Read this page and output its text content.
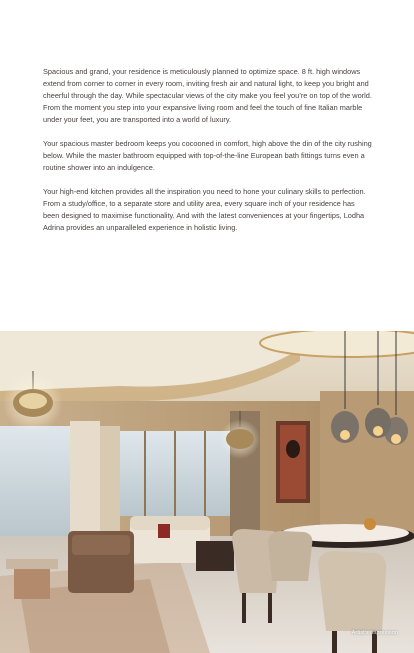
Spacious and grand, your residence is meticulously planned to optimize space. 8 ft. high windows extend from corner to corner in every room, inviting fresh air and natural light, to keep you bright and cheerful through the day. While spectacular views of the city make you feel you’re on top of the world. From the moment you step into your expansive living room and feel the touch of fine Italian marble under your feet, you are transported into a world of luxury.

Your spacious master bedroom keeps you cocooned in comfort, high above the din of the city rushing below. While the master bathroom equipped with top-of-the-line European bath fittings turns even a routine shower into an indulgence.

Your high-end kitchen provides all the inspiration you need to hone your culinary skills to perfection. From a study/office, to a separate store and utility area, every square inch of your residence has been designed to maximise functionality. And with the latest conveniences at your fingertips, Lodha Adrina provides an unparalleled experience in holistic living.

Artist's impression
